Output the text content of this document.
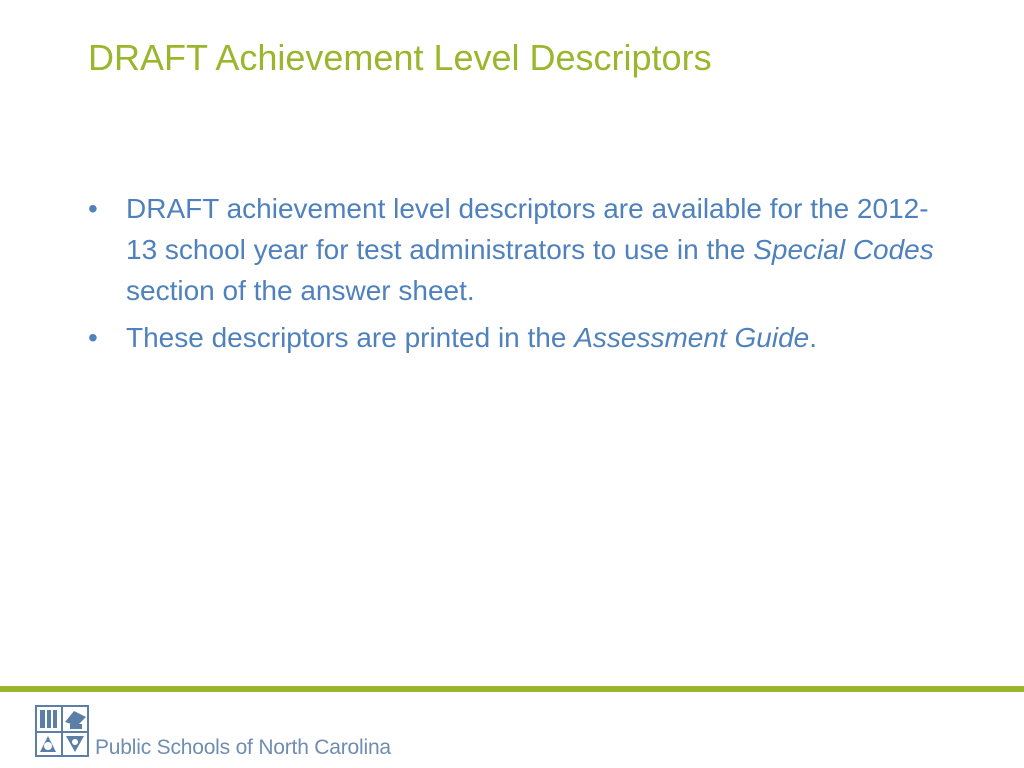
DRAFT Achievement Level Descriptors
• DRAFT achievement level descriptors are available for the 2012-13 school year for test administrators to use in the Special Codes section of the answer sheet.
• These descriptors are printed in the Assessment Guide.
Public Schools of North Carolina
